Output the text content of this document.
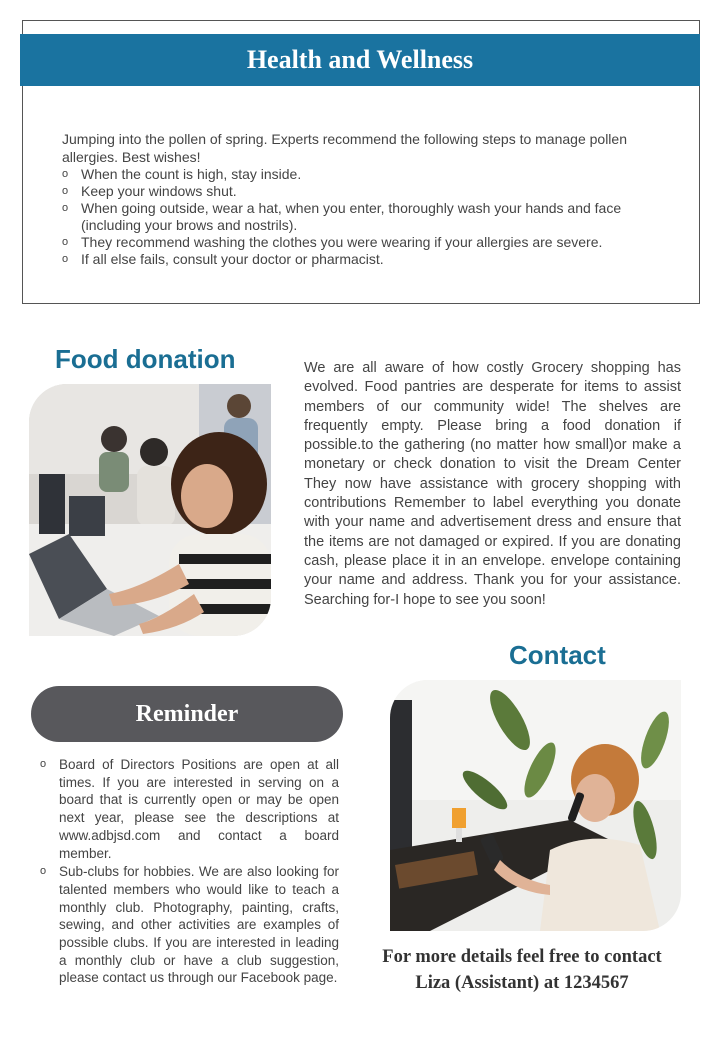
Health and Wellness
Jumping into the pollen of spring. Experts recommend the following steps to manage pollen allergies. Best wishes!
o When the count is high, stay inside.
o Keep your windows shut.
o When going outside, wear a hat, when you enter, thoroughly wash your hands and face (including your brows and nostrils).
o They recommend washing the clothes you were wearing if your allergies are severe.
o If all else fails, consult your doctor or pharmacist.
Food donation	We are all aware of how costly Grocery shopping has evolved. Food pantries are desperate for items to assist members of our community wide! The shelves are frequently empty. Please bring a food donation if possible.to the gathering (no matter how small)or make a monetary or check donation to visit the Dream Center They now have assistance with grocery shopping with contributions Remember to label everything you donate with your name and advertisement dress and ensure that the items are not damaged or expired. If you are donating cash, please place it in an envelope. envelope containing your name and address. Thank you for your assistance. Searching for-I hope to see you soon!
Contact
Reminder
o Board of Directors Positions are open at all times. If you are interested in serving on a board that is currently open or may be open next year, please see the descriptions at www.adbjsd.com and contact a board member.
o Sub-clubs for hobbies. We are also looking for talented members who would like to teach a monthly club. Photography, painting, crafts, sewing, and other activities are examples of possible clubs. If you are interested in leading a monthly club or have a club suggestion, please contact us through our Facebook page.
For more details feel free to contact Liza (Assistant) at 1234567
